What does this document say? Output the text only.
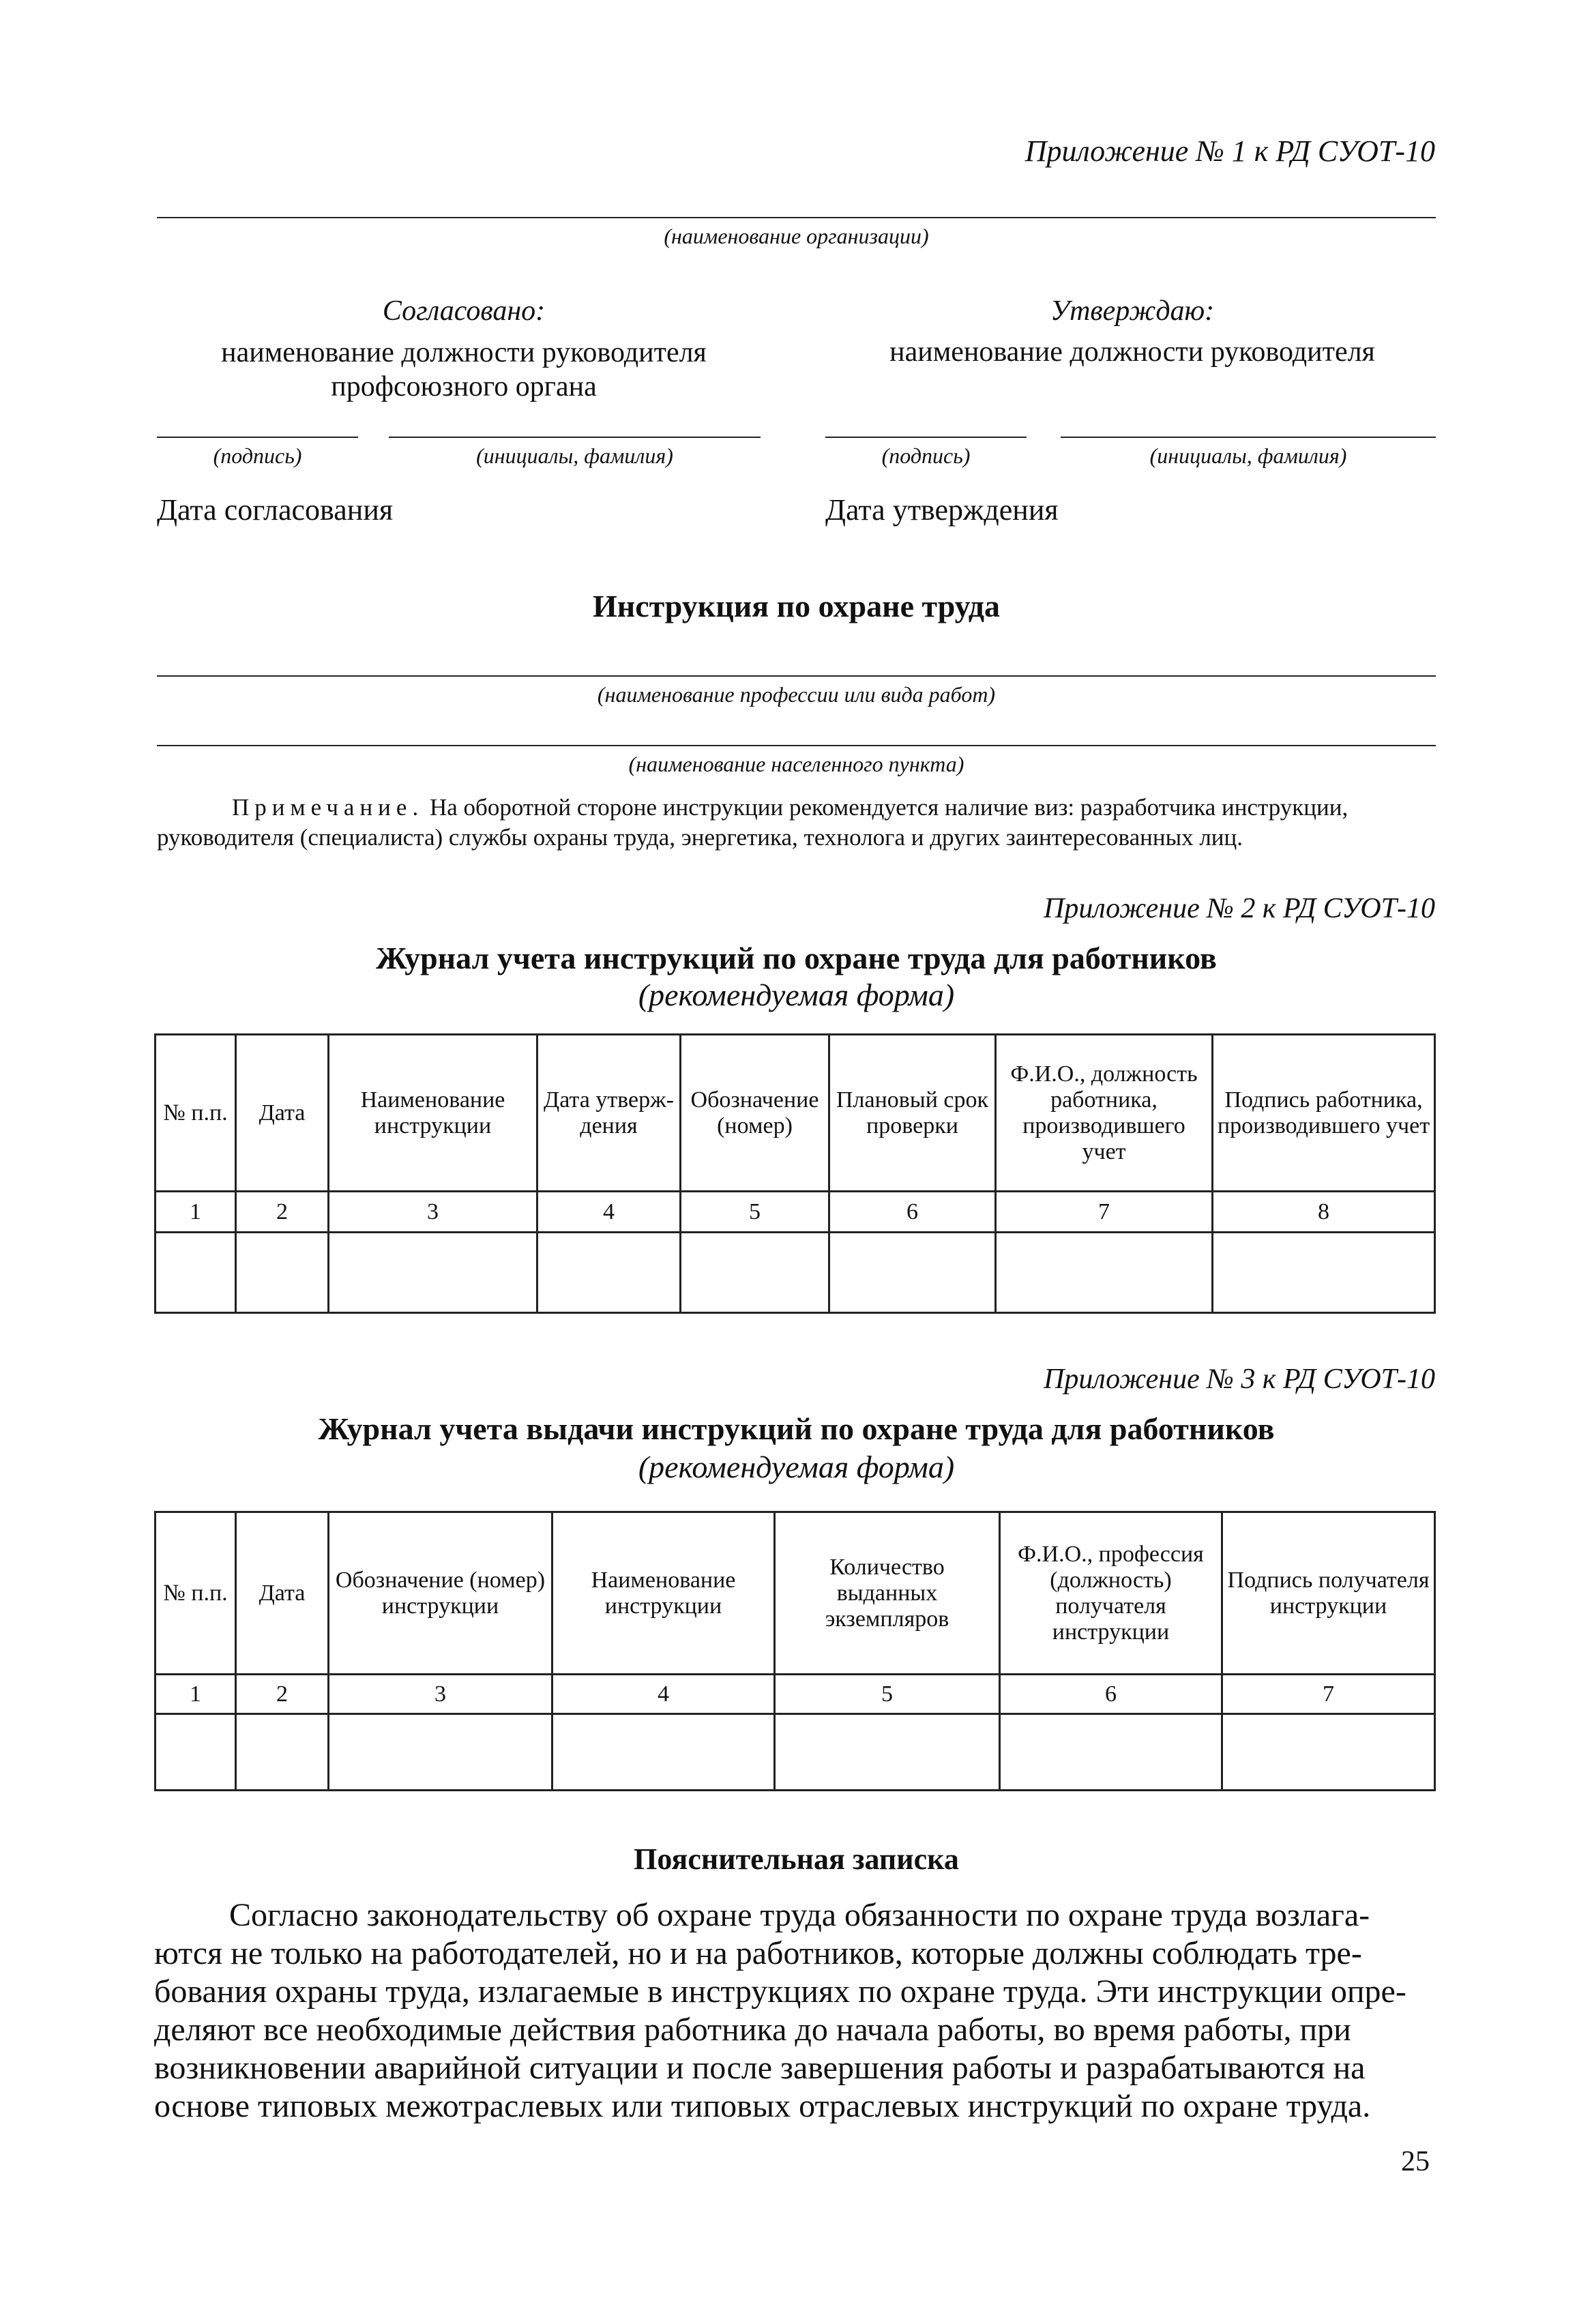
Приложение № 1 к РД СУОТ-10
(наименование организации)
Согласовано:
наименование должности руководителя
профсоюзного органа
Утверждаю:
наименование должности руководителя
(подпись)	(инициалы, фамилия)	(подпись)	(инициалы, фамилия)
Дата согласования	Дата утверждения
Инструкция по охране труда
(наименование профессии или вида работ)
(наименование населенного пункта)
Примечание. На оборотной стороне инструкции рекомендуется наличие виз: разработчика инструкции,
руководителя (специалиста) службы охраны труда, энергетика, технолога и других заинтересованных лиц.
Приложение № 2 к РД СУОТ-10
Журнал учета инструкций по охране труда для работников
(рекомендуемая форма)
№ п.п.	Дата	Наименование инструкции	Дата утверж-дения	Обозначение (номер)	Плановый срок проверки	Ф.И.О., должность работника, производившего учет	Подпись работника, производившего учет
1	2	3	4	5	6	7	8

Приложение № 3 к РД СУОТ-10
Журнал учета выдачи инструкций по охране труда для работников
(рекомендуемая форма)
№ п.п.	Дата	Обозначение (номер) инструкции	Наименование инструкции	Количество выданных экземпляров	Ф.И.О., профессия (должность) получателя инструкции	Подпись получателя инструкции
1	2	3	4	5	6	7

Пояснительная записка
Согласно законодательству об охране труда обязанности по охране труда возлага-
ются не только на работодателей, но и на работников, которые должны соблюдать тре-
бования охраны труда, излагаемые в инструкциях по охране труда. Эти инструкции опре-
деляют все необходимые действия работника до начала работы, во время работы, при
возникновении аварийной ситуации и после завершения работы и разрабатываются на
основе типовых межотраслевых или типовых отраслевых инструкций по охране труда.
25
